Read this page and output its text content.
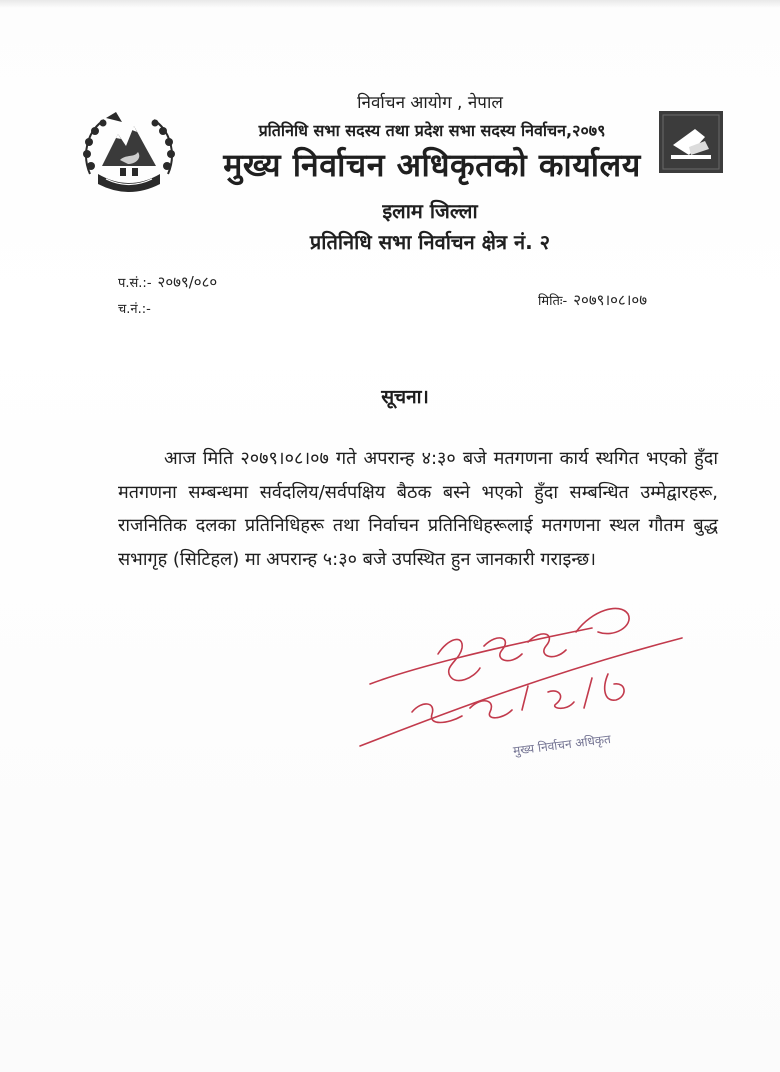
निर्वाचन आयोग , नेपाल
प्रतिनिधि सभा सदस्य तथा प्रदेश सभा सदस्य निर्वाचन,२०७९
मुख्य निर्वाचन अधिकृतको कार्यालय
इलाम जिल्ला
प्रतिनिधि सभा निर्वाचन क्षेत्र नं. २
प.सं.:- २०७९/०८०
च.नं.:-
मितिः- २०७९।०८।०७
सूचना।
आज मिति २०७९।०८।०७ गते अपरान्ह ४:३० बजे मतगणना कार्य स्थगित भएको हुँदा मतगणना सम्बन्धमा सर्वदलिय/सर्वपक्षिय बैठक बस्ने भएको हुँदा सम्बन्धित उम्मेद्वारहरू, राजनितिक दलका प्रतिनिधिहरू तथा निर्वाचन प्रतिनिधिहरूलाई मतगणना स्थल गौतम बुद्ध सभागृह (सिटिहल) मा अपरान्ह ५:३० बजे उपस्थित हुन जानकारी गराइन्छ।
मुख्य निर्वाचन अधिकृत
